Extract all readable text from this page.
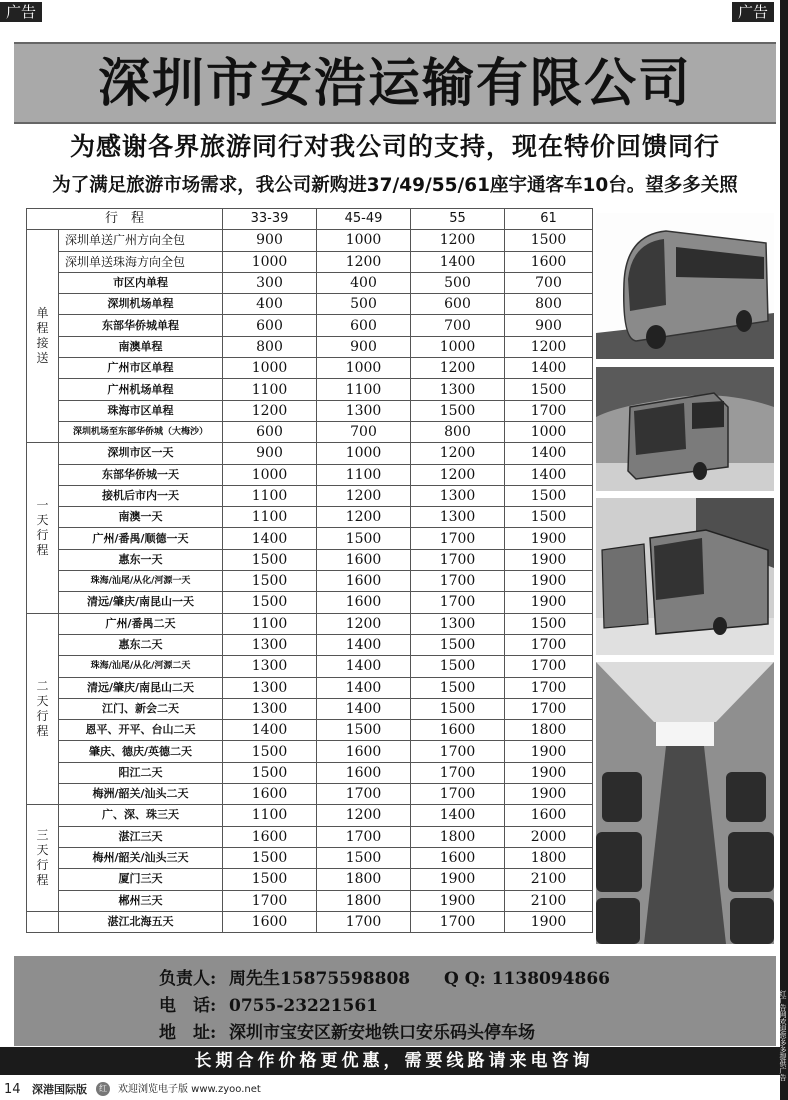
广告	广告
深圳市安浩运输有限公司
为感谢各界旅游同行对我公司的支持，现在特价回馈同行
为了满足旅游市场需求，我公司新购进37/49/55/61座宇通客车10台。望多多关照
行　程		33-39	45-49	55	61
单程接送	深圳单送广州方向全包	900	1000	1200	1500
	深圳单送珠海方向全包	1000	1200	1400	1600
	市区内单程	300	400	500	700
	深圳机场单程	400	500	600	800
	东部华侨城单程	600	600	700	900
	南澳单程	800	900	1000	1200
	广州市区单程	1000	1000	1200	1400
	广州机场单程	1100	1100	1300	1500
	珠海市区单程	1200	1300	1500	1700
	深圳机场至东部华侨城（大梅沙）	600	700	800	1000
一天行程	深圳市区一天	900	1000	1200	1400
	东部华侨城一天	1000	1100	1200	1400
	接机后市内一天	1100	1200	1300	1500
	南澳一天	1100	1200	1300	1500
	广州/番禺/顺德一天	1400	1500	1700	1900
	惠东一天	1500	1600	1700	1900
	珠海/汕尾/从化/河源一天	1500	1600	1700	1900
	清远/肇庆/南昆山一天	1500	1600	1700	1900
二天行程	广州/番禺二天	1100	1200	1300	1500
	惠东二天	1300	1400	1500	1700
	珠海/汕尾/从化/河源二天	1300	1400	1500	1700
	清远/肇庆/南昆山二天	1300	1400	1500	1700
	江门、新会二天	1300	1400	1500	1700
	恩平、开平、台山二天	1400	1500	1600	1800
	肇庆、德庆/英德二天	1500	1600	1700	1900
	阳江二天	1500	1600	1700	1900
	梅洲/韶关/汕头二天	1600	1700	1700	1900
三天行程	广、深、珠三天	1100	1200	1400	1600
	湛江三天	1600	1700	1800	2000
	梅州/韶关/汕头三天	1500	1500	1600	1800
	厦门三天	1500	1800	1900	2100
	郴州三天	1700	1800	1900	2100
	湛江北海五天	1600	1700	1700	1900
负责人: 周先生15875598808 Q Q: 1138094866
电　话: 0755-23221561
地　址: 深圳市宝安区新安地铁口安乐码头停车场
长期合作价格更优惠，需要线路请来电咨询
14 深港国际版	红	欢迎浏览电子版 www.zyoo.net
红广告网欢迎您多多提供广告
